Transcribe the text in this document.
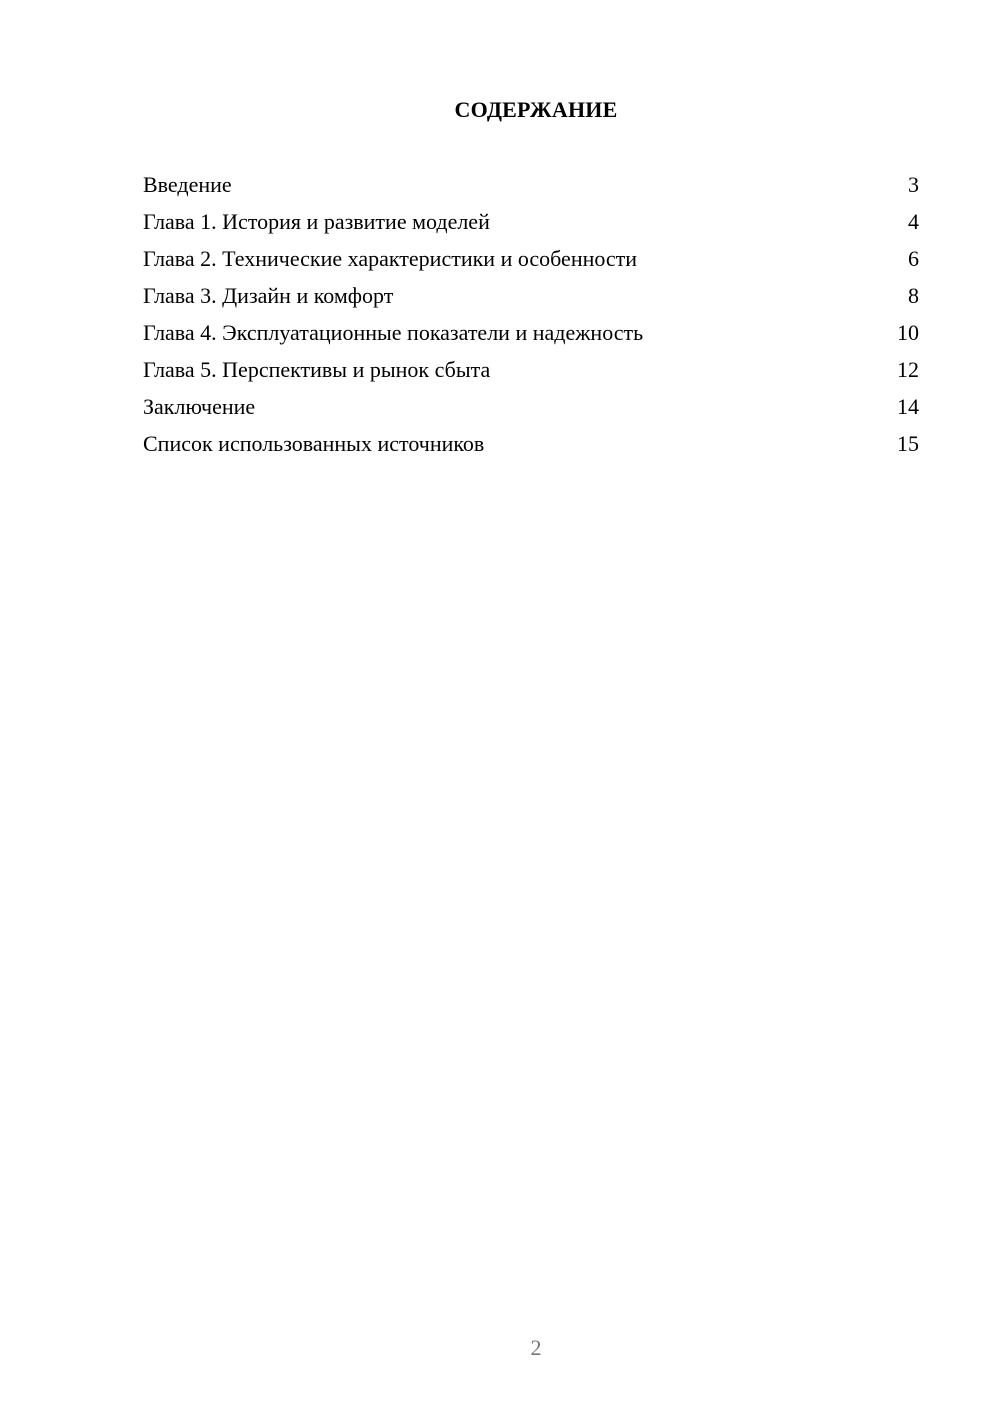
СОДЕРЖАНИЕ
Введение	3
Глава 1. История и развитие моделей	4
Глава 2. Технические характеристики и особенности	6
Глава 3. Дизайн и комфорт	8
Глава 4. Эксплуатационные показатели и надежность	10
Глава 5. Перспективы и рынок сбыта	12
Заключение	14
Список использованных источников	15
2
